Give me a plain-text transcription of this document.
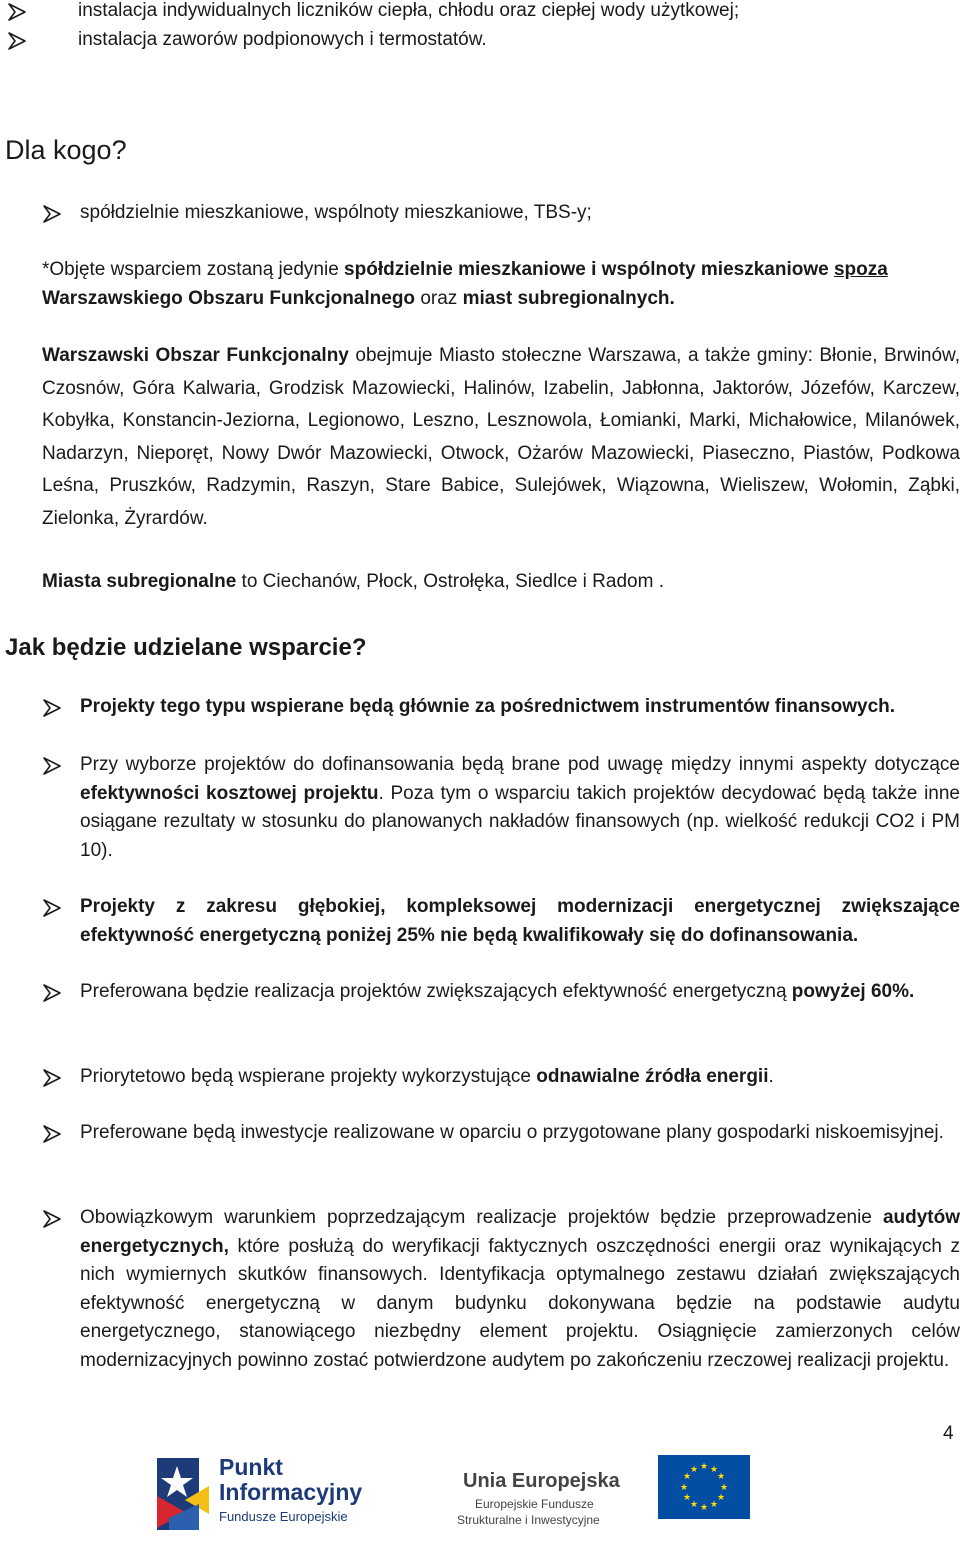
instalacja indywidualnych liczników ciepła, chłodu oraz ciepłej wody użytkowej;
instalacja zaworów podpionowych i termostatów.
Dla kogo?
spółdzielnie mieszkaniowe, wspólnoty mieszkaniowe, TBS-y;
*Objęte wsparciem zostaną jedynie spółdzielnie mieszkaniowe i wspólnoty mieszkaniowe spoza Warszawskiego Obszaru Funkcjonalnego oraz miast subregionalnych.
Warszawski Obszar Funkcjonalny obejmuje Miasto stołeczne Warszawa, a także gminy: Błonie, Brwinów, Czosnów, Góra Kalwaria, Grodzisk Mazowiecki, Halinów, Izabelin, Jabłonna, Jaktorów, Józefów, Karczew, Kobyłka, Konstancin-Jeziorna, Legionowo, Leszno, Lesznowola, Łomianki, Marki, Michałowice, Milanówek, Nadarzyn, Nieporęt, Nowy Dwór Mazowiecki, Otwock, Ożarów Mazowiecki, Piaseczno, Piastów, Podkowa Leśna, Pruszków, Radzymin, Raszyn, Stare Babice, Sulejówek, Wiązowna, Wieliszew, Wołomin, Ząbki, Zielonka, Żyrardów.
Miasta subregionalne to Ciechanów, Płock, Ostrołęka, Siedlce i Radom .
Jak będzie udzielane wsparcie?
Projekty tego typu wspierane będą głównie za pośrednictwem instrumentów finansowych.
Przy wyborze projektów do dofinansowania będą brane pod uwagę między innymi aspekty dotyczące efektywności kosztowej projektu. Poza tym o wsparciu takich projektów decydować będą także inne osiągane rezultaty w stosunku do planowanych nakładów finansowych (np. wielkość redukcji CO2 i PM 10).
Projekty z zakresu głębokiej, kompleksowej modernizacji energetycznej zwiększające efektywność energetyczną poniżej 25% nie będą kwalifikowały się do dofinansowania.
Preferowana będzie realizacja projektów zwiększających efektywność energetyczną powyżej 60%.
Priorytetowo będą wspierane projekty wykorzystujące odnawialne źródła energii.
Preferowane będą inwestycje realizowane w oparciu o przygotowane plany gospodarki niskoemisyjnej.
Obowiązkowym warunkiem poprzedzającym realizacje projektów będzie przeprowadzenie audytów energetycznych, które posłużą do weryfikacji faktycznych oszczędności energii oraz wynikających z nich wymiernych skutków finansowych. Identyfikacja optymalnego zestawu działań zwiększających efektywność energetyczną w danym budynku dokonywana będzie na podstawie audytu energetycznego, stanowiącego niezbędny element projektu. Osiągnięcie zamierzonych celów modernizacyjnych powinno zostać potwierdzone audytem po zakończeniu rzeczowej realizacji projektu.
4
Punkt
Informacyjny
Fundusze Europejskie
Unia Europejska
Europejskie Fundusze
Strukturalne i Inwestycyjne
★ ★
★
★
★
★
★
★
★
★
★
★
